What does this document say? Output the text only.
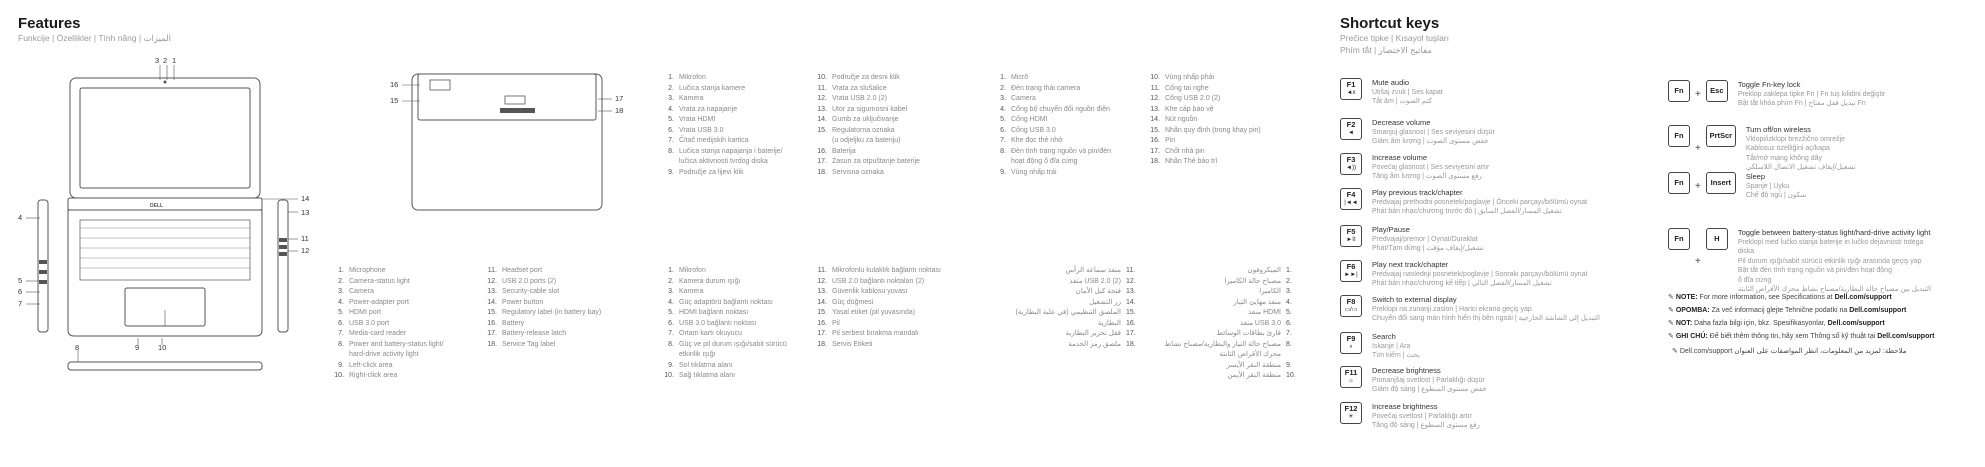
Features
Funkcije | Özellikler | Tính năng | الميزات
DELL
3 2 1
4
5
6
7
8	9	10
11
12
13
14
15
16
17
18
1. Microphone
2. Camera-status light
3. Camera
4. Power-adapter port
5. HDMI port
6. USB 3.0 port
7. Media-card reader
8. Power and battery-status light/
hard-drive activity light
9. Left-click area
10. Right-click area
11. Headset port
12. USB 2.0 ports (2)
13. Security-cable slot
14. Power button
15. Regulatory label (in battery bay)
16. Battery
17. Battery-release latch
18. Service Tag label
1. Mikrofon
2. Lučica stanja kamere
3. Kamera
4. Vrata za napajanje
5. Vrata HDMI
6. Vrata USB 3.0
7. Čitač medijskih kartica
8. Lučica stanja napajanja i baterije/
lučica aktivnosti tvrdog diska
9. Područje za lijevi klik
10. Područje za desni klik
11. Vrata za slušalice
12. Vrata USB 2.0 (2)
13. Utor za sigurnosni kabel
14. Gumb za uključivanje
15. Regulatorna oznaka
(u odjeljku za bateriju)
16. Baterija
17. Zasun za otpuštanje baterije
18. Servisna oznaka
1. Micrô
2. Đèn trạng thái camera
3. Camera
4. Cổng bộ chuyển đổi nguồn điện
5. Cổng HDMI
6. Cổng USB 3.0
7. Khe đọc thẻ nhớ
8. Đèn tình trạng nguồn và pin/đèn
hoạt động ổ đĩa cứng
9. Vùng nhấp trái
10. Vùng nhấp phải
11. Cổng tai nghe
12. Cổng USB 2.0 (2)
13. Khe cáp bảo vệ
14. Nút nguồn
15. Nhãn quy định (trong khay pin)
16. Pin
17. Chốt nhả pin
18. Nhãn Thẻ bảo trì
1. Mikrofon
2. Kamera durum ışığı
3. Kamera
4. Güç adaptörü bağlantı noktası
5. HDMI bağlantı noktası
6. USB 3.0 bağlantı noktası
7. Ortam kartı okuyucu
8. Güç ve pil durum ışığı/sabit sürücü
etkinlik ışığı
9. Sol tıklatma alanı
10. Sağ tıklatma alanı
11. Mikrofonlu kulaklık bağlantı noktası
12. USB 2.0 bağlantı noktaları (2)
13. Güvenlik kablosu yuvası
14. Güç düğmesi
15. Yasal etiket (pil yuvasında)
16. Pil
17. Pil serbest bırakma mandalı
18. Servis Etiketi
11.
منفذ سماعة الرأس
12.
منفذ USB 2.0 (2)
13.
فتحة كبل الأمان
14.
زر التشغيل
15.
الملصق التنظيمي (في علبة البطارية)
16.
البطارية
17.
قفل تحرير البطارية
18.
ملصق رمز الخدمة
1.
الميكروفون
2.
مصباح حالة الكاميرا
3.
الكاميرا
4.
منفذ مهايئ التيار
5.
منفذ HDMI
6.
منفذ USB 3.0
7.
قارئ بطاقات الوسائط
8.
مصباح حالة التيار والبطارية/مصباح نشاط
محرك الأقراص الثابتة
9.
منطقة النقر الأيسر
10.
منطقة النقر الأيمن
Shortcut keys
Prečice tipke | Kısayol tuşları
Phím tắt | مفاتيح الاختصار
F1
◄x
Mute audio
Utišaj zvuk | Ses kapat
Tắt âm | كتم الصوت
F2
◄
Decrease volume
Smanjuj glasnost | Ses seviyesini düşür
Giảm âm lượng | خفض مستوى الصوت
F3
◄))
Increase volume
Povećaj glasnost | Ses seviyesini artır
Tăng âm lượng | رفع مستوى الصوت
F4
|◄◄
Play previous track/chapter
Predvajaj prethodni posnetek/poglavje | Önceki parçayı/bölümü oynat
Phát bản nhạc/chương trước đó | تشغيل المسار/الفصل السابق
F5
►II
Play/Pause
Predvajaj/premor | Oynat/Duraklat
Phát/Tạm dừng | تشغيل/إيقاف مؤقت
F6
►►|
Play next track/chapter
Predvajaj naslednji posnetek/poglavje | Sonraki parçayı/bölümü oynat
Phát bản nhạc/chương kế tiếp | تشغيل المسار/الفصل التالي
F8
▭/▭
Switch to external display
Preklopi na zunanji zaslon | Harici ekrana geçiş yap
Chuyển đổi sang màn hình hiển thị bên ngoài | التبديل إلى الشاشة الخارجية
F9
⌕
Search
Iskanje | Ara
Tìm kiếm | بحث
F11
☼
Decrease brightness
Pomanjšaj svetlost | Parlaklığı düşür
Giảm độ sáng | خفض مستوى السطوع
F12
☀
Increase brightness
Povečaj svetlost | Parlaklığı artır
Tăng độ sáng | رفع مستوى السطوع
Fn	+	Esc
Toggle Fn-key lock
Preklop zaklepa tipke Fn | Fn tuş kilidini değiştir
Bật tắt khóa phím Fn | تبديل قفل مفتاح Fn
Fn
+
PrtScr
Turn off/on wireless
Vklopi/izklopi brezžično omrežje
Kablosuz özelliğini aç/kapa
Tắt/mở mạng không dây
تشغيل/إيقاف تشغيل الاتصال اللاسلكي
Fn	+	Insert
Sleep
Spanje | Uyku
Chế độ ngủ | سكون
Fn
+
H
Toggle between battery-status light/hard-drive activity light
Preklopi med lučko stanja baterije in lučko dejavnosti trdega diska
Pil durum ışığı/sabit sürücü etkinlik ışığı arasında geçiş yap
Bật tắt đèn tình trạng nguồn và pin/đèn hoạt động
ổ đĩa cứng
التبديل بين مصباح حالة البطارية/مصباح نشاط محرك الأقراص الثابتة
✎ NOTE: For more information, see Specifications at Dell.com/support
✎ OPOMBA: Za več informacij glejte Tehnične podatki na Dell.com/support
✎ NOT: Daha fazla bilgi için, bkz. Spesifikasyonlar, Dell.com/support
✎ GHI CHÚ: Để biết thêm thông tin, hãy xem Thông số kỹ thuật tại Dell.com/support
✎ Dell.com/support ملاحظة: لمزيد من المعلومات، انظر المواصفات على العنوان
